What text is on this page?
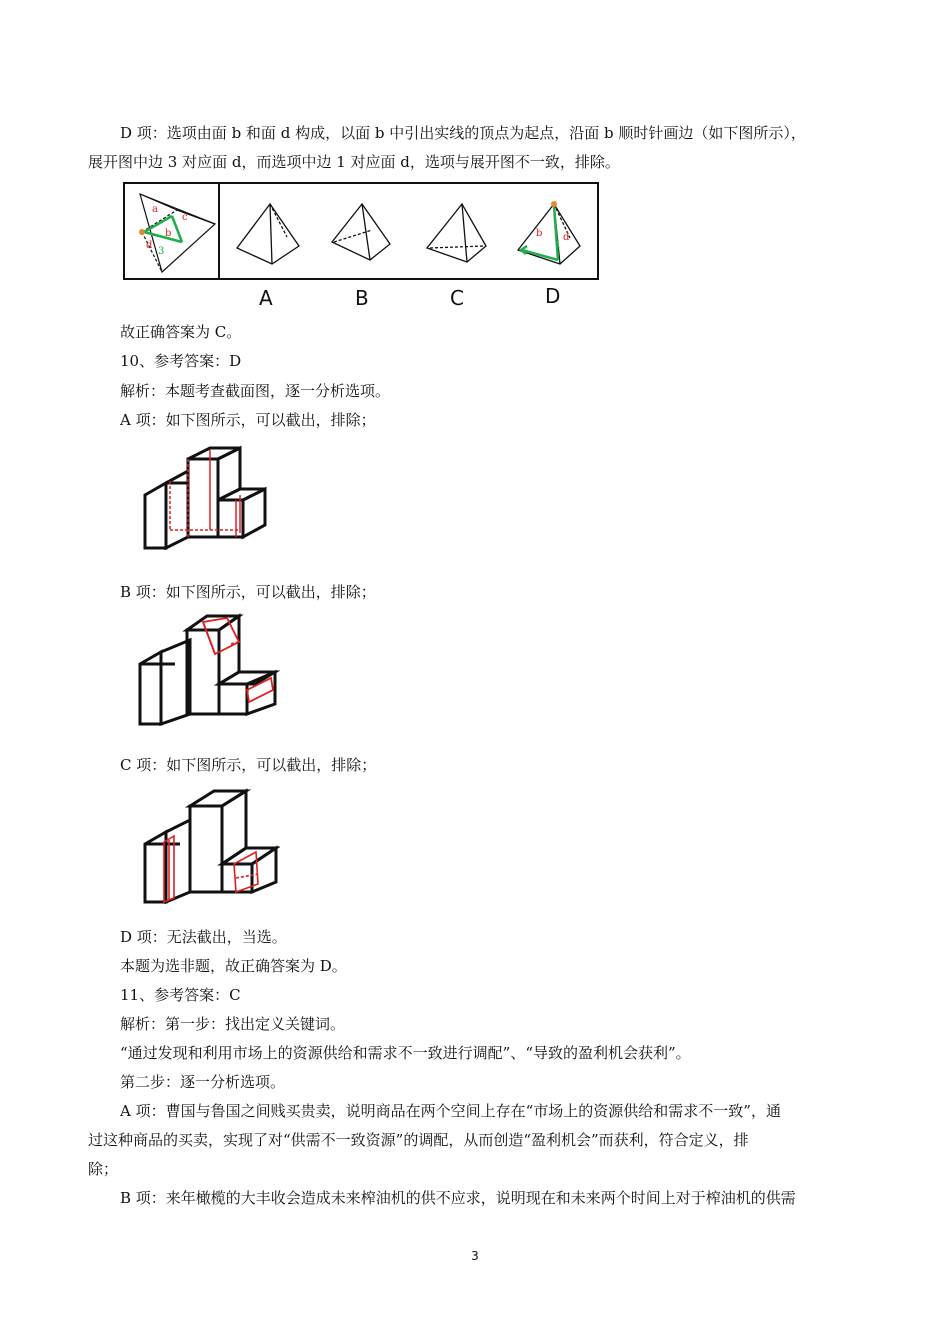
D 项：选项由面 b 和面 d 构成，以面 b 中引出实线的顶点为起点，沿面 b 顺时针画边（如下图所示），
展开图中边 3 对应面 d，而选项中边 1 对应面 d，选项与展开图不一致，排除。
a
c
b
d
3
b d
1
A	B	C	D
故正确答案为 C。
10、参考答案：D
解析：本题考查截面图，逐一分析选项。
A 项：如下图所示，可以截出，排除；
B 项：如下图所示，可以截出，排除；
C 项：如下图所示，可以截出，排除；
D 项：无法截出，当选。
本题为选非题，故正确答案为 D。
11、参考答案：C
解析：第一步：找出定义关键词。
“通过发现和利用市场上的资源供给和需求不一致进行调配”、“导致的盈利机会获利”。
第二步：逐一分析选项。
A 项：曹国与鲁国之间贱买贵卖，说明商品在两个空间上存在“市场上的资源供给和需求不一致”，通
过这种商品的买卖，实现了对“供需不一致资源”的调配，从而创造“盈利机会”而获利，符合定义，排
除；
B 项：来年橄榄的大丰收会造成未来榨油机的供不应求，说明现在和未来两个时间上对于榨油机的供需
3
